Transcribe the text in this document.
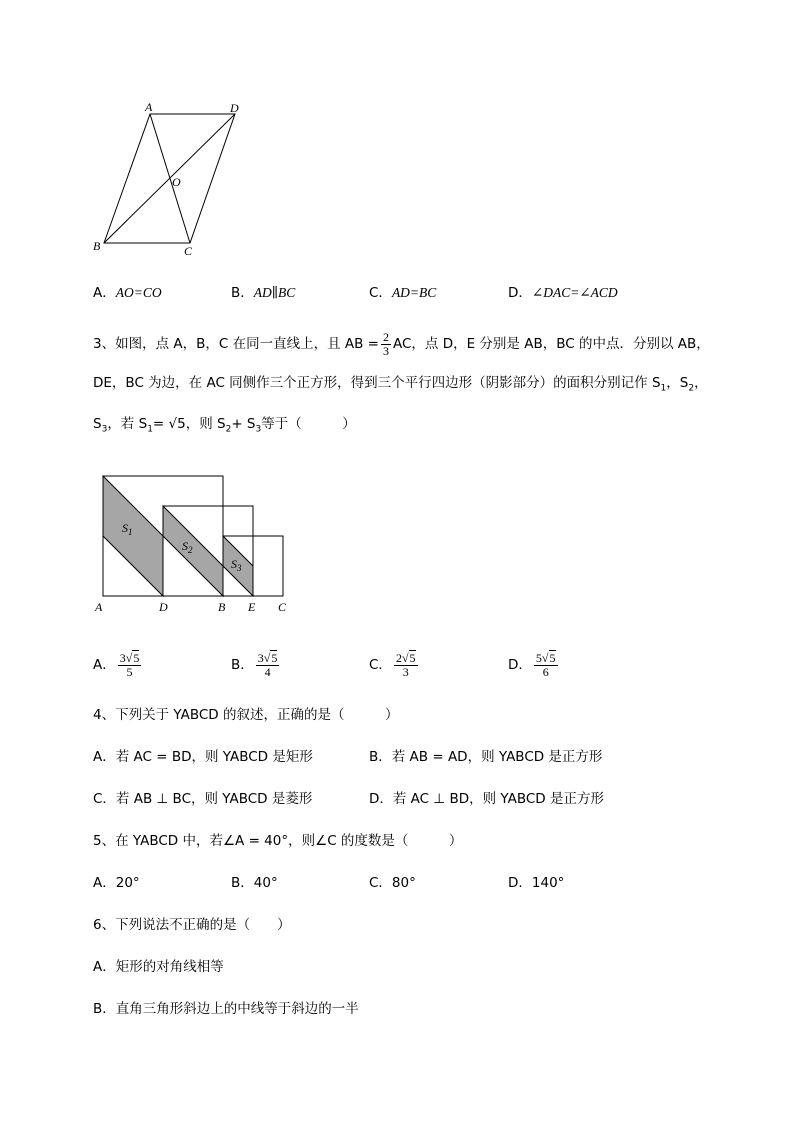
A	D
O
B	C
A．AO=CO	B．AD∥BC	C．AD=BC	D．∠DAC=∠ACD
3、如图，点 A，B，C 在同一直线上，且 AB = $\frac{2}{3}$ AC，点 D，E 分别是 AB，BC 的中点．分别以 AB，
DE，BC 为边，在 AC 同侧作三个正方形，得到三个平行四边形（阴影部分）的面积分别记作 $S_1$，$S_2$，
$S_3$，若 $S_1= √5$，则 $S_2+ S_3$等于（　　　）
$S_1$
$S_2$
$S_3$
A	D	B E C
A． $\frac{3√5}{5}$	B． $\frac{3√5}{4}$	C． $\frac{2√5}{3}$	D． $\frac{5√5}{6}$
4、下列关于 YABCD 的叙述，正确的是（　　　）
A．若 AC = BD，则 YABCD 是矩形	B．若 AB = AD，则 YABCD 是正方形
C．若 AB ⊥ BC，则 YABCD 是菱形	D．若 AC ⊥ BD，则 YABCD 是正方形
5、在 YABCD 中，若∠A = 40°，则∠C 的度数是（　　　）
A．20°	B．40°	C．80°	D．140°
6、下列说法不正确的是（　　）
A．矩形的对角线相等
B．直角三角形斜边上的中线等于斜边的一半
